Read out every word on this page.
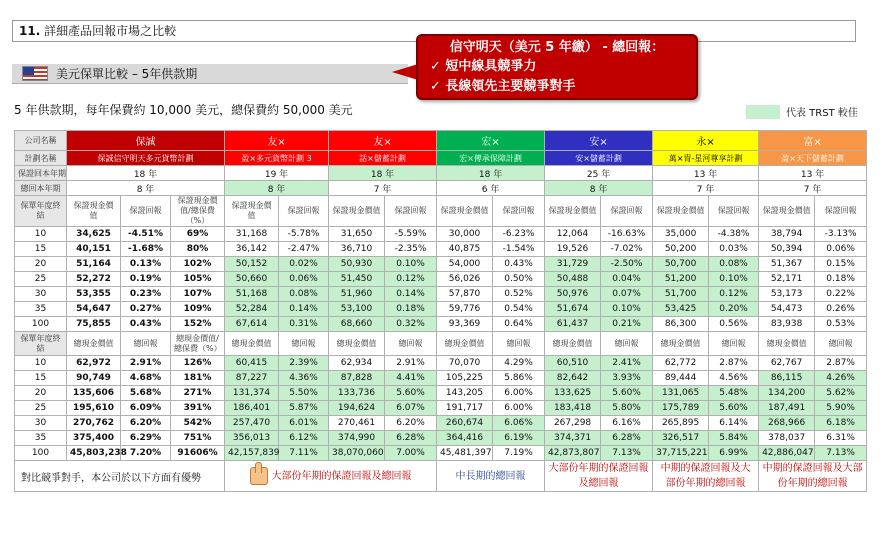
11. 詳細產品回報市場之比較
美元保單比較 – 5年供款期
信守明天（美元 5 年繳） - 總回報：
✓ 短中線具競爭力
✓ 長線領先主要競爭對手
5 年供款期，每年保費約 10,000 美元，總保費約 50,000 美元	代表 TRST 較佳
公司名稱	保誠			友×		友×		宏×		安×		永×		富×	
計劃名稱	保誠信守明天多元貨幣計劃			盈×多元貨幣計劃 3		話×儲蓄計劃		宏×傳承保障計劃		安×儲蓄計劃		萬×胄-星河尊享計劃		盈×天下儲蓄計劃	
保證回本年期	18 年			19 年		18 年		18 年		25 年		13 年		13 年	
總回本年期	8 年			8 年		7 年		6 年		8 年		7 年		7 年	
保單年度終結	保證現金價值	保證回報	保證現金價值/總保費（%）	保證現金價值	保證回報	保證現金價值	保證回報	保證現金價值	保證回報	保證現金價值	保證回報	保證現金價值	保證回報	保證現金價值	保證回報
10	34,625	-4.51%	69%	31,168	-5.78%	31,650	-5.59%	30,000	-6.23%	12,064	-16.63%	35,000	-4.38%	38,794	-3.13%
15	40,151	-1.68%	80%	36,142	-2.47%	36,710	-2.35%	40,875	-1.54%	19,526	-7.02%	50,200	0.03%	50,394	0.06%
20	51,164	0.13%	102%	50,152	0.02%	50,930	0.10%	54,000	0.43%	31,729	-2.50%	50,700	0.08%	51,367	0.15%
25	52,272	0.19%	105%	50,660	0.06%	51,450	0.12%	56,026	0.50%	50,488	0.04%	51,200	0.10%	52,171	0.18%
30	53,355	0.23%	107%	51,168	0.08%	51,960	0.14%	57,870	0.52%	50,976	0.07%	51,700	0.12%	53,173	0.22%
35	54,647	0.27%	109%	52,284	0.14%	53,100	0.18%	59,776	0.54%	51,674	0.10%	53,425	0.20%	54,473	0.26%
100	75,855	0.43%	152%	67,614	0.31%	68,660	0.32%	93,369	0.64%	61,437	0.21%	86,300	0.56%	83,938	0.53%
保單年度終結	總現金價值	總回報	總現金價值/總保費（%）	總現金價值	總回報	總現金價值	總回報	總現金價值	總回報	總現金價值	總回報	總現金價值	總回報	總現金價值	總回報
10	62,972	2.91%	126%	60,415	2.39%	62,934	2.91%	70,070	4.29%	60,510	2.41%	62,772	2.87%	62,767	2.87%
15	90,749	4.68%	181%	87,227	4.36%	87,828	4.41%	105,225	5.86%	82,642	3.93%	89,444	4.56%	86,115	4.26%
20	135,606	5.68%	271%	131,374	5.50%	133,736	5.60%	143,205	6.00%	133,625	5.60%	131,065	5.48%	134,200	5.62%
25	195,610	6.09%	391%	186,401	5.87%	194,624	6.07%	191,717	6.00%	183,418	5.80%	175,789	5.60%	187,491	5.90%
30	270,762	6.20%	542%	257,470	6.01%	270,461	6.20%	260,674	6.06%	267,298	6.16%	265,895	6.14%	268,966	6.18%
35	375,400	6.29%	751%	356,013	6.12%	374,990	6.28%	364,416	6.19%	374,371	6.28%	326,517	5.84%	378,037	6.31%
100	45,803,238	7.20%	91606%	42,157,839	7.11%	38,070,060	7.00%	45,481,397	7.19%	42,873,807	7.13%	37,715,221	6.99%	42,886,047	7.13%
對比競爭對手，本公司於以下方面有優勢				大部份年期的保證回報及總回報				中長期的總回報		大部份年期的保證回報及總回報		中期的保證回報及大部份年期的總回報		中期的保證回報及大部份年期的總回報	
